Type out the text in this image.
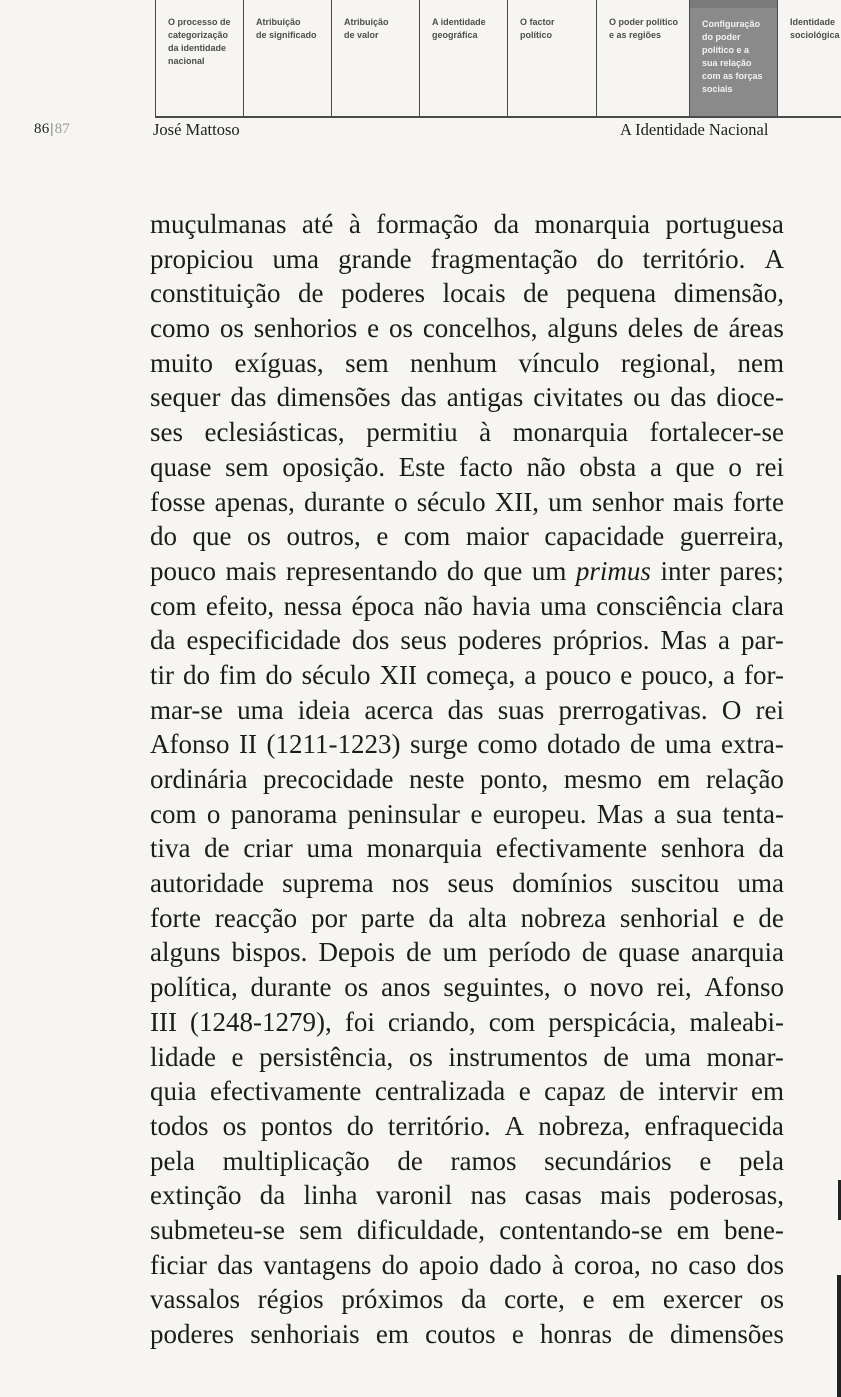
O processo de
categorização
da identidade
nacional
Atribuição
de significado
Atribuição
de valor
A identidade
geográfica
O factor
político
O poder político
e as regiões
Configuração
do poder
político e a
sua relação
com as forças
sociais
Identidade
sociológica
86|87	José Mattoso	A Identidade Nacional
muçulmanas até à formação da monarquia portuguesa
propiciou uma grande fragmentação do território. A
constituição de poderes locais de pequena dimensão,
como os senhorios e os concelhos, alguns deles de áreas
muito exíguas, sem nenhum vínculo regional, nem
sequer das dimensões das antigas civitates ou das dioce-
ses eclesiásticas, permitiu à monarquia fortalecer-se
quase sem oposição. Este facto não obsta a que o rei
fosse apenas, durante o século XII, um senhor mais forte
do que os outros, e com maior capacidade guerreira,
pouco mais representando do que um primus inter pares;
com efeito, nessa época não havia uma consciência clara
da especificidade dos seus poderes próprios. Mas a par-
tir do fim do século XII começa, a pouco e pouco, a for-
mar-se uma ideia acerca das suas prerrogativas. O rei
Afonso II (1211-1223) surge como dotado de uma extra-
ordinária precocidade neste ponto, mesmo em relação
com o panorama peninsular e europeu. Mas a sua tenta-
tiva de criar uma monarquia efectivamente senhora da
autoridade suprema nos seus domínios suscitou uma
forte reacção por parte da alta nobreza senhorial e de
alguns bispos. Depois de um período de quase anarquia
política, durante os anos seguintes, o novo rei, Afonso
III (1248-1279), foi criando, com perspicácia, maleabi-
lidade e persistência, os instrumentos de uma monar-
quia efectivamente centralizada e capaz de intervir em
todos os pontos do território. A nobreza, enfraquecida
pela multiplicação de ramos secundários e pela
extinção da linha varonil nas casas mais poderosas,
submeteu-se sem dificuldade, contentando-se em bene-
ficiar das vantagens do apoio dado à coroa, no caso dos
vassalos régios próximos da corte, e em exercer os
poderes senhoriais em coutos e honras de dimensões
